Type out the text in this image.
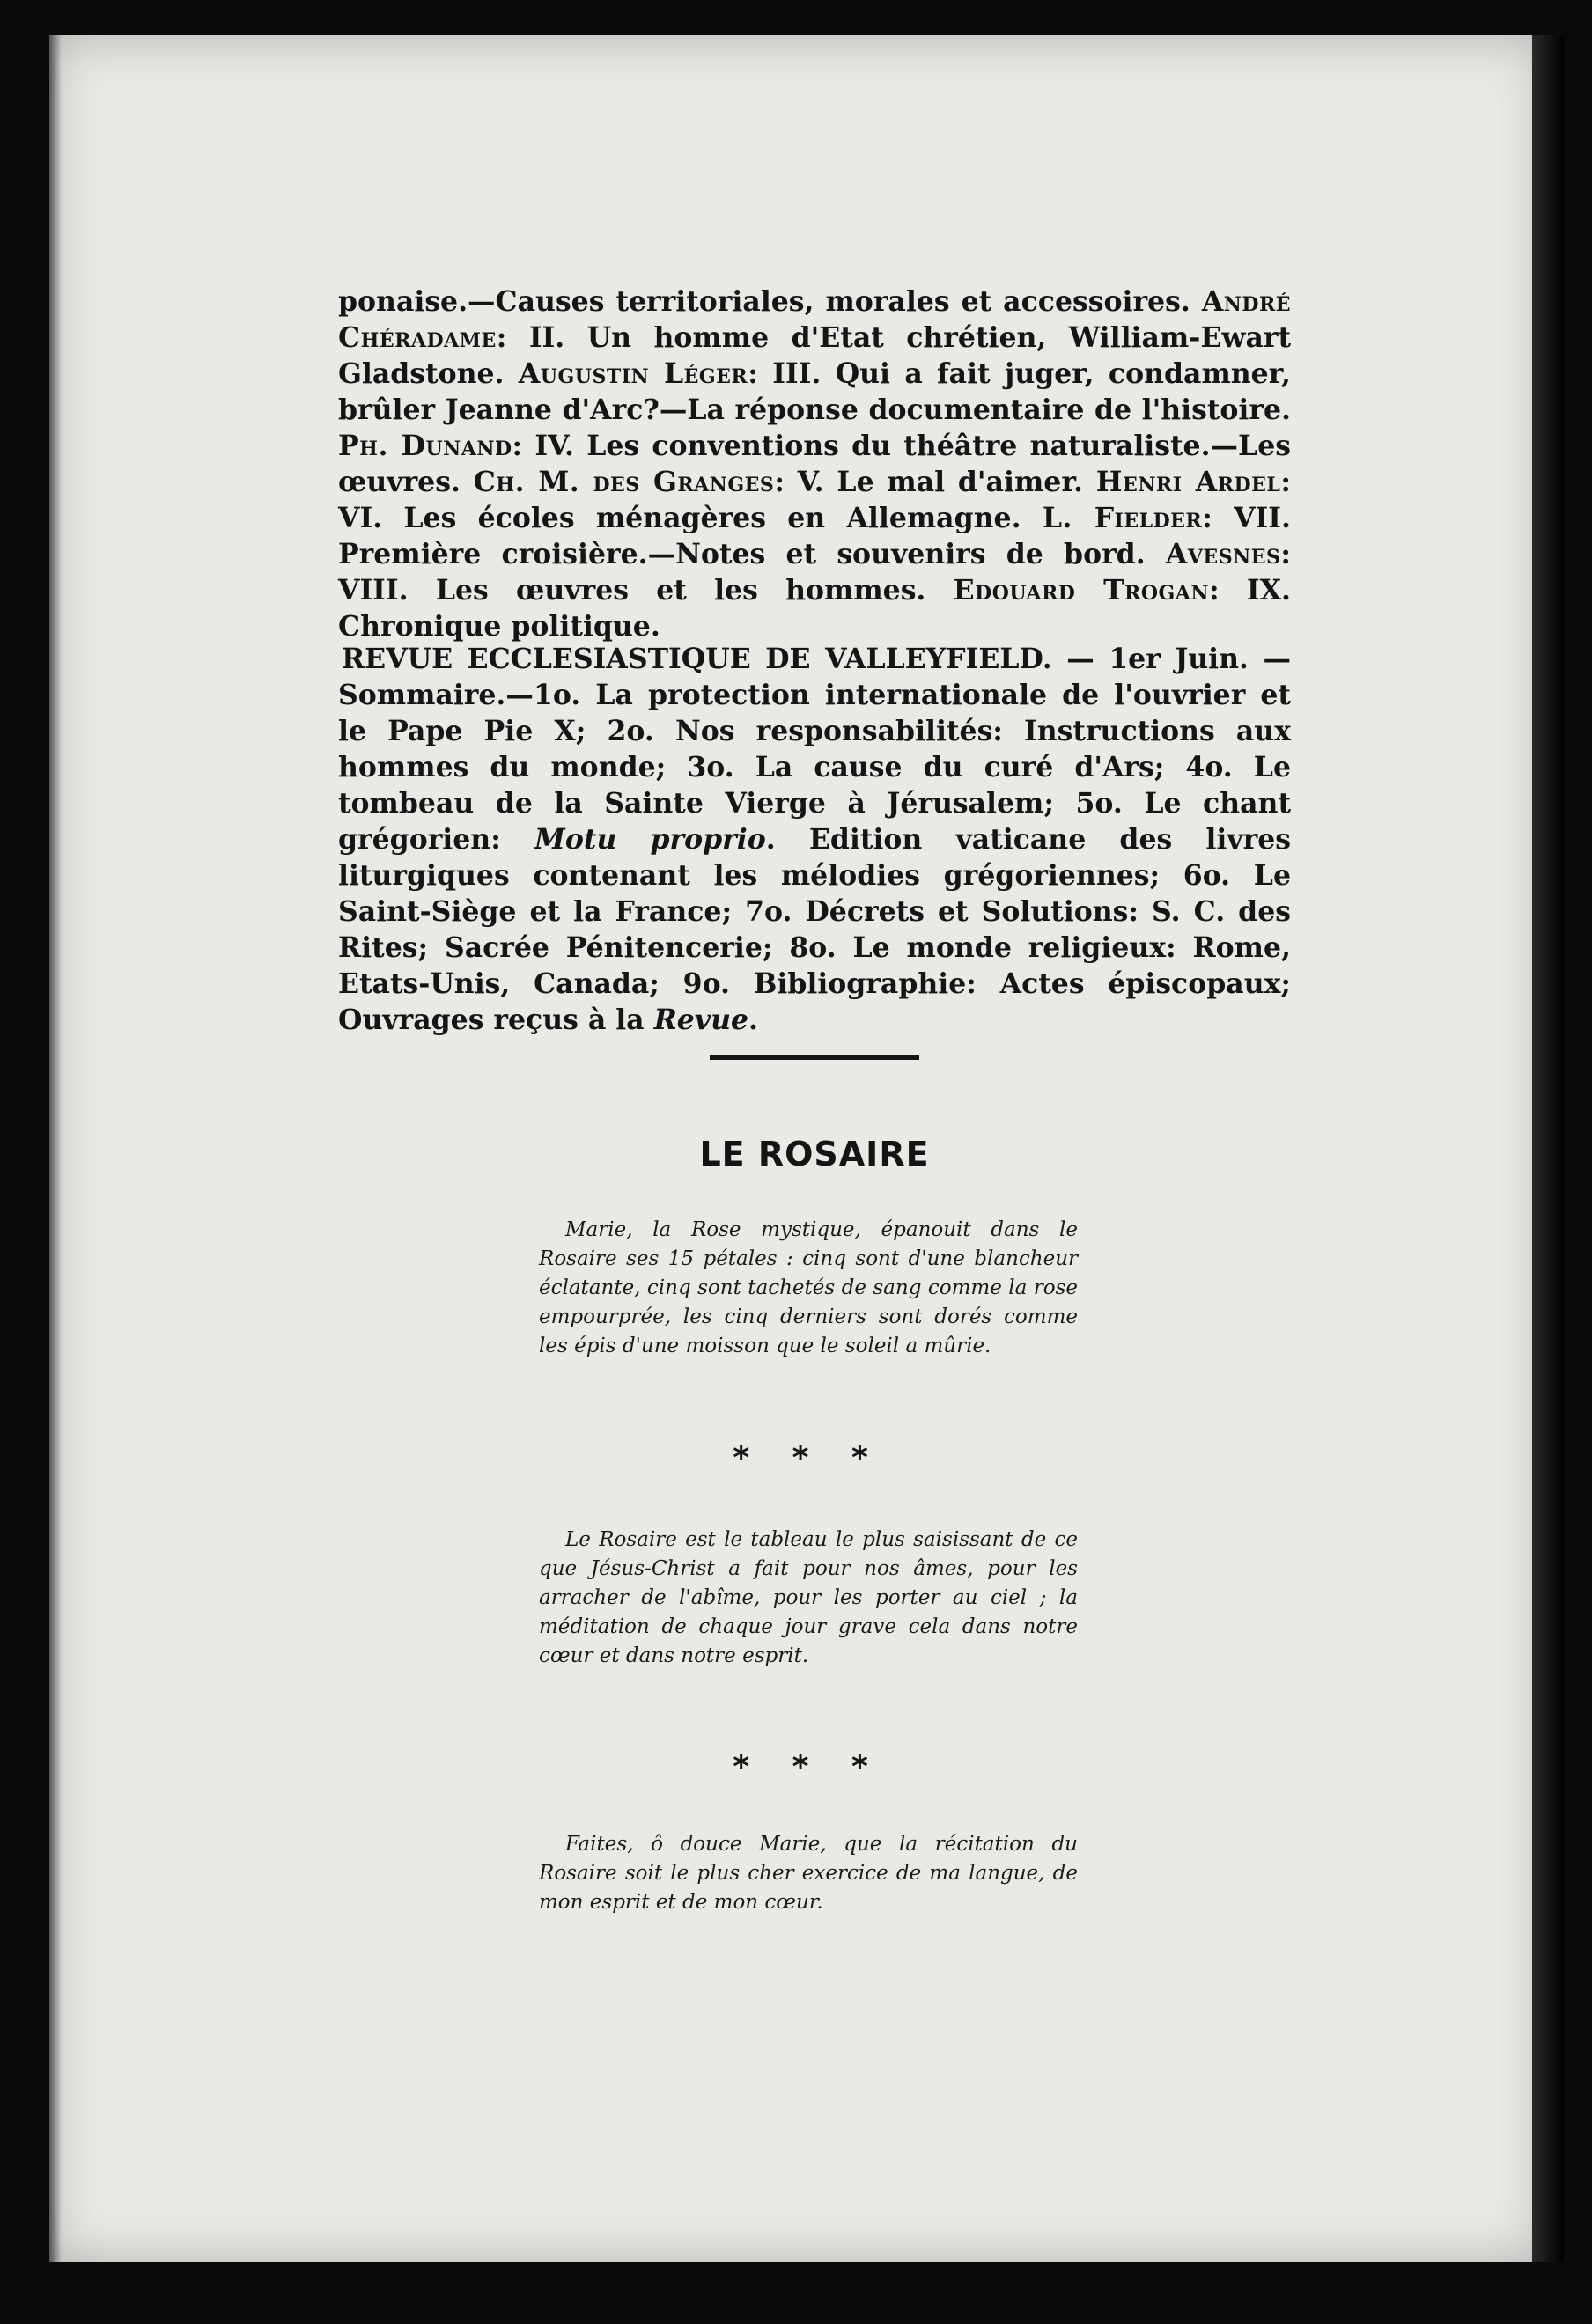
ponaise.—Causes territoriales, morales et accessoires. André Chéradame: II. Un homme d'Etat chrétien, William-Ewart Gladstone. Augustin Léger: III. Qui a fait juger, condamner, brûler Jeanne d'Arc?—La réponse documentaire de l'histoire. Ph. Dunand: IV. Les conventions du théâtre naturaliste.—Les œuvres. Ch. M. des Granges: V. Le mal d'aimer. Henri Ardel: VI. Les écoles ménagères en Allemagne. L. Fielder: VII. Première croisière.—Notes et souvenirs de bord. Avesnes: VIII. Les œuvres et les hommes. Edouard Trogan: IX. Chronique politique.
REVUE ECCLESIASTIQUE DE VALLEYFIELD. — 1er Juin. — Sommaire.—1o. La protection internationale de l'ouvrier et le Pape Pie X; 2o. Nos responsabilités: Instructions aux hommes du monde; 3o. La cause du curé d'Ars; 4o. Le tombeau de la Sainte Vierge à Jérusalem; 5o. Le chant grégorien: Motu proprio. Edition vaticane des livres liturgiques contenant les mélodies grégoriennes; 6o. Le Saint-Siège et la France; 7o. Décrets et Solutions: S. C. des Rites; Sacrée Pénitencerie; 8o. Le monde religieux: Rome, Etats-Unis, Canada; 9o. Bibliographie: Actes épiscopaux; Ouvrages reçus à la Revue.
LE ROSAIRE
Marie, la Rose mystique, épanouit dans le Rosaire ses 15 pétales : cinq sont d'une blancheur éclatante, cinq sont tachetés de sang comme la rose empourprée, les cinq derniers sont dorés comme les épis d'une moisson que le soleil a mûrie.
* * *
Le Rosaire est le tableau le plus saisissant de ce que Jésus-Christ a fait pour nos âmes, pour les arracher de l'abîme, pour les porter au ciel ; la méditation de chaque jour grave cela dans notre cœur et dans notre esprit.
* * *
Faites, ô douce Marie, que la récitation du Rosaire soit le plus cher exercice de ma langue, de mon esprit et de mon cœur.
